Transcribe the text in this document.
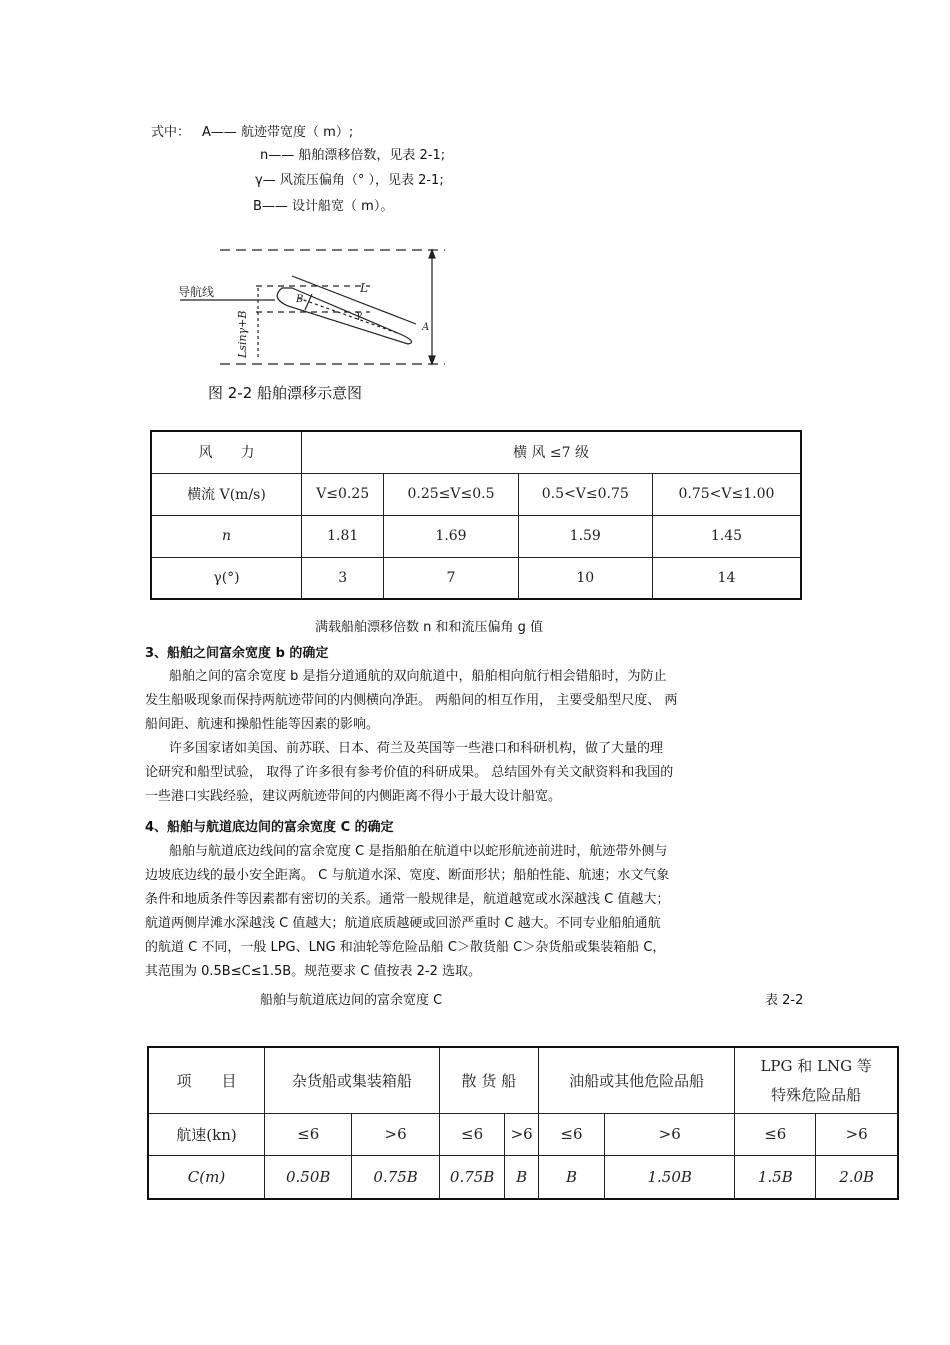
式中： A—— 航迹带宽度（ m）;
n—— 船舶漂移倍数，见表 2-1;
γ— 风流压偏角（° ），见表 2-1;
B—— 设计船宽（ m）。
导航线
Lsinγ+B
L
B
A
γ
图 2-2 船舶漂移示意图
风　　力	横 风 ≤7 级			
横流 V(m/s)	V≤0.25	0.25≤V≤0.5	0.5<V≤0.75	0.75<V≤1.00
n	1.81	1.69	1.59	1.45
γ(°)	3	7	10	14
满载船舶漂移倍数 n 和和流压偏角 g 值
3、船舶之间富余宽度 b 的确定
船舶之间的富余宽度 b 是指分道通航的双向航道中，船舶相向航行相会错船时，为防止
发生船吸现象而保持两航迹带间的内侧横向净距。 两船间的相互作用， 主要受船型尺度、 两
船间距、航速和操船性能等因素的影响。
许多国家诸如美国、前苏联、日本、荷兰及英国等一些港口和科研机构，做了大量的理
论研究和船型试验， 取得了许多很有参考价值的科研成果。 总结国外有关文献资料和我国的
一些港口实践经验，建议两航迹带间的内侧距离不得小于最大设计船宽。
4、船舶与航道底边间的富余宽度 C 的确定
船舶与航道底边线间的富余宽度 C 是指船舶在航道中以蛇形航迹前进时，航迹带外侧与
边坡底边线的最小安全距离。 C 与航道水深、宽度、断面形状；船舶性能、航速；水文气象
条件和地质条件等因素都有密切的关系。通常一般规律是，航道越宽或水深越浅 C 值越大；
航道两侧岸滩水深越浅 C 值越大；航道底质越硬或回淤严重时 C 越大。不同专业船舶通航
的航道 C 不同，一般 LPG、LNG 和油轮等危险品船 C＞散货船 C＞杂货船或集装箱船 C，
其范围为 0.5B≤C≤1.5B。规范要求 C 值按表 2-2 选取。
船舶与航道底边间的富余宽度 C	表 2-2
项　　目	杂货船或集装箱船		散 货 船		油船或其他危险品船		LPG 和 LNG 等
特殊危险品船	

航速(kn)	≤6	>6	≤6	>6	≤6	>6	≤6	>6
C(m)	0.50B	0.75B	0.75B	B	B	1.50B	1.5B	2.0B
